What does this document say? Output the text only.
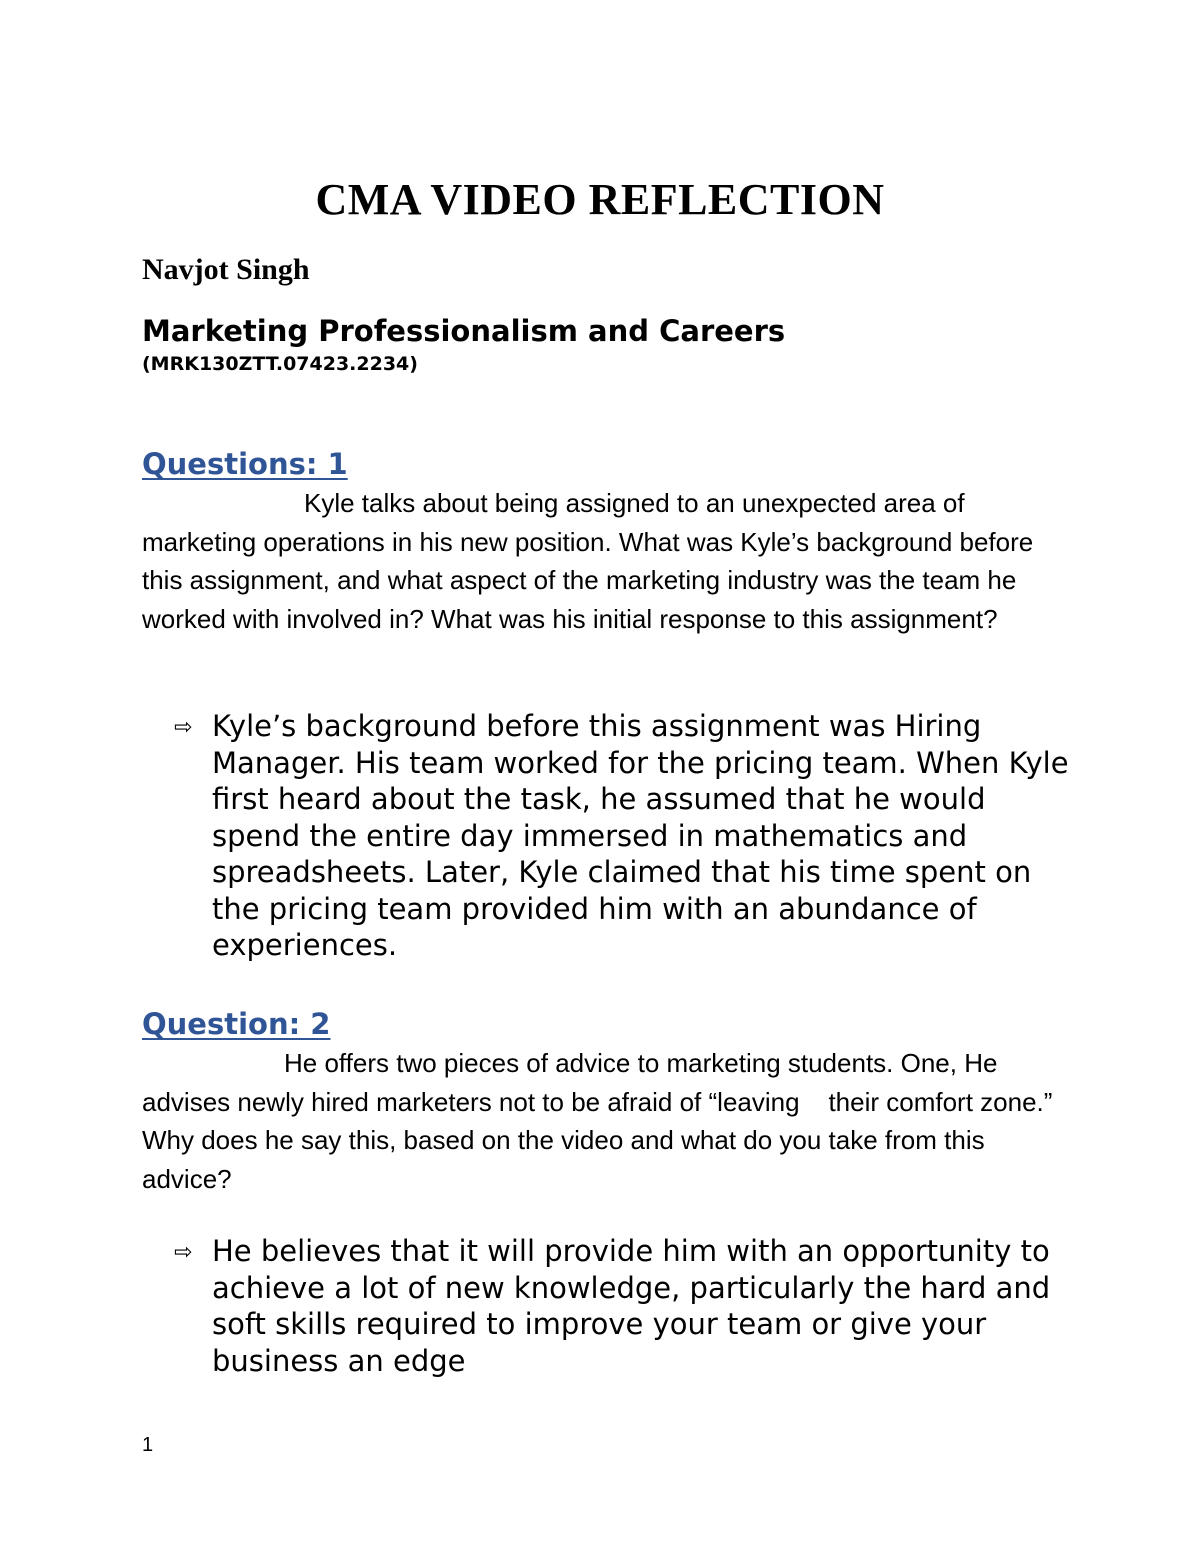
CMA VIDEO REFLECTION
Navjot Singh
Marketing Professionalism and Careers
(MRK130ZTT.07423.2234)
Questions: 1
Kyle talks about being assigned to an unexpected area of marketing operations in his new position. What was Kyle’s background before this assignment, and what aspect of the marketing industry was the team he worked with involved in? What was his initial response to this assignment?
⇨ Kyle’s background before this assignment was Hiring Manager. His team worked for the pricing team. When Kyle first heard about the task, he assumed that he would spend the entire day immersed in mathematics and spreadsheets. Later, Kyle claimed that his time spent on the pricing team provided him with an abundance of experiences.
Question: 2
He offers two pieces of advice to marketing students. One, He advises newly hired marketers not to be afraid of “leaving    their comfort zone.” Why does he say this, based on the video and what do you take from this advice?
⇨ He believes that it will provide him with an opportunity to achieve a lot of new knowledge, particularly the hard and soft skills required to improve your team or give your business an edge
1
